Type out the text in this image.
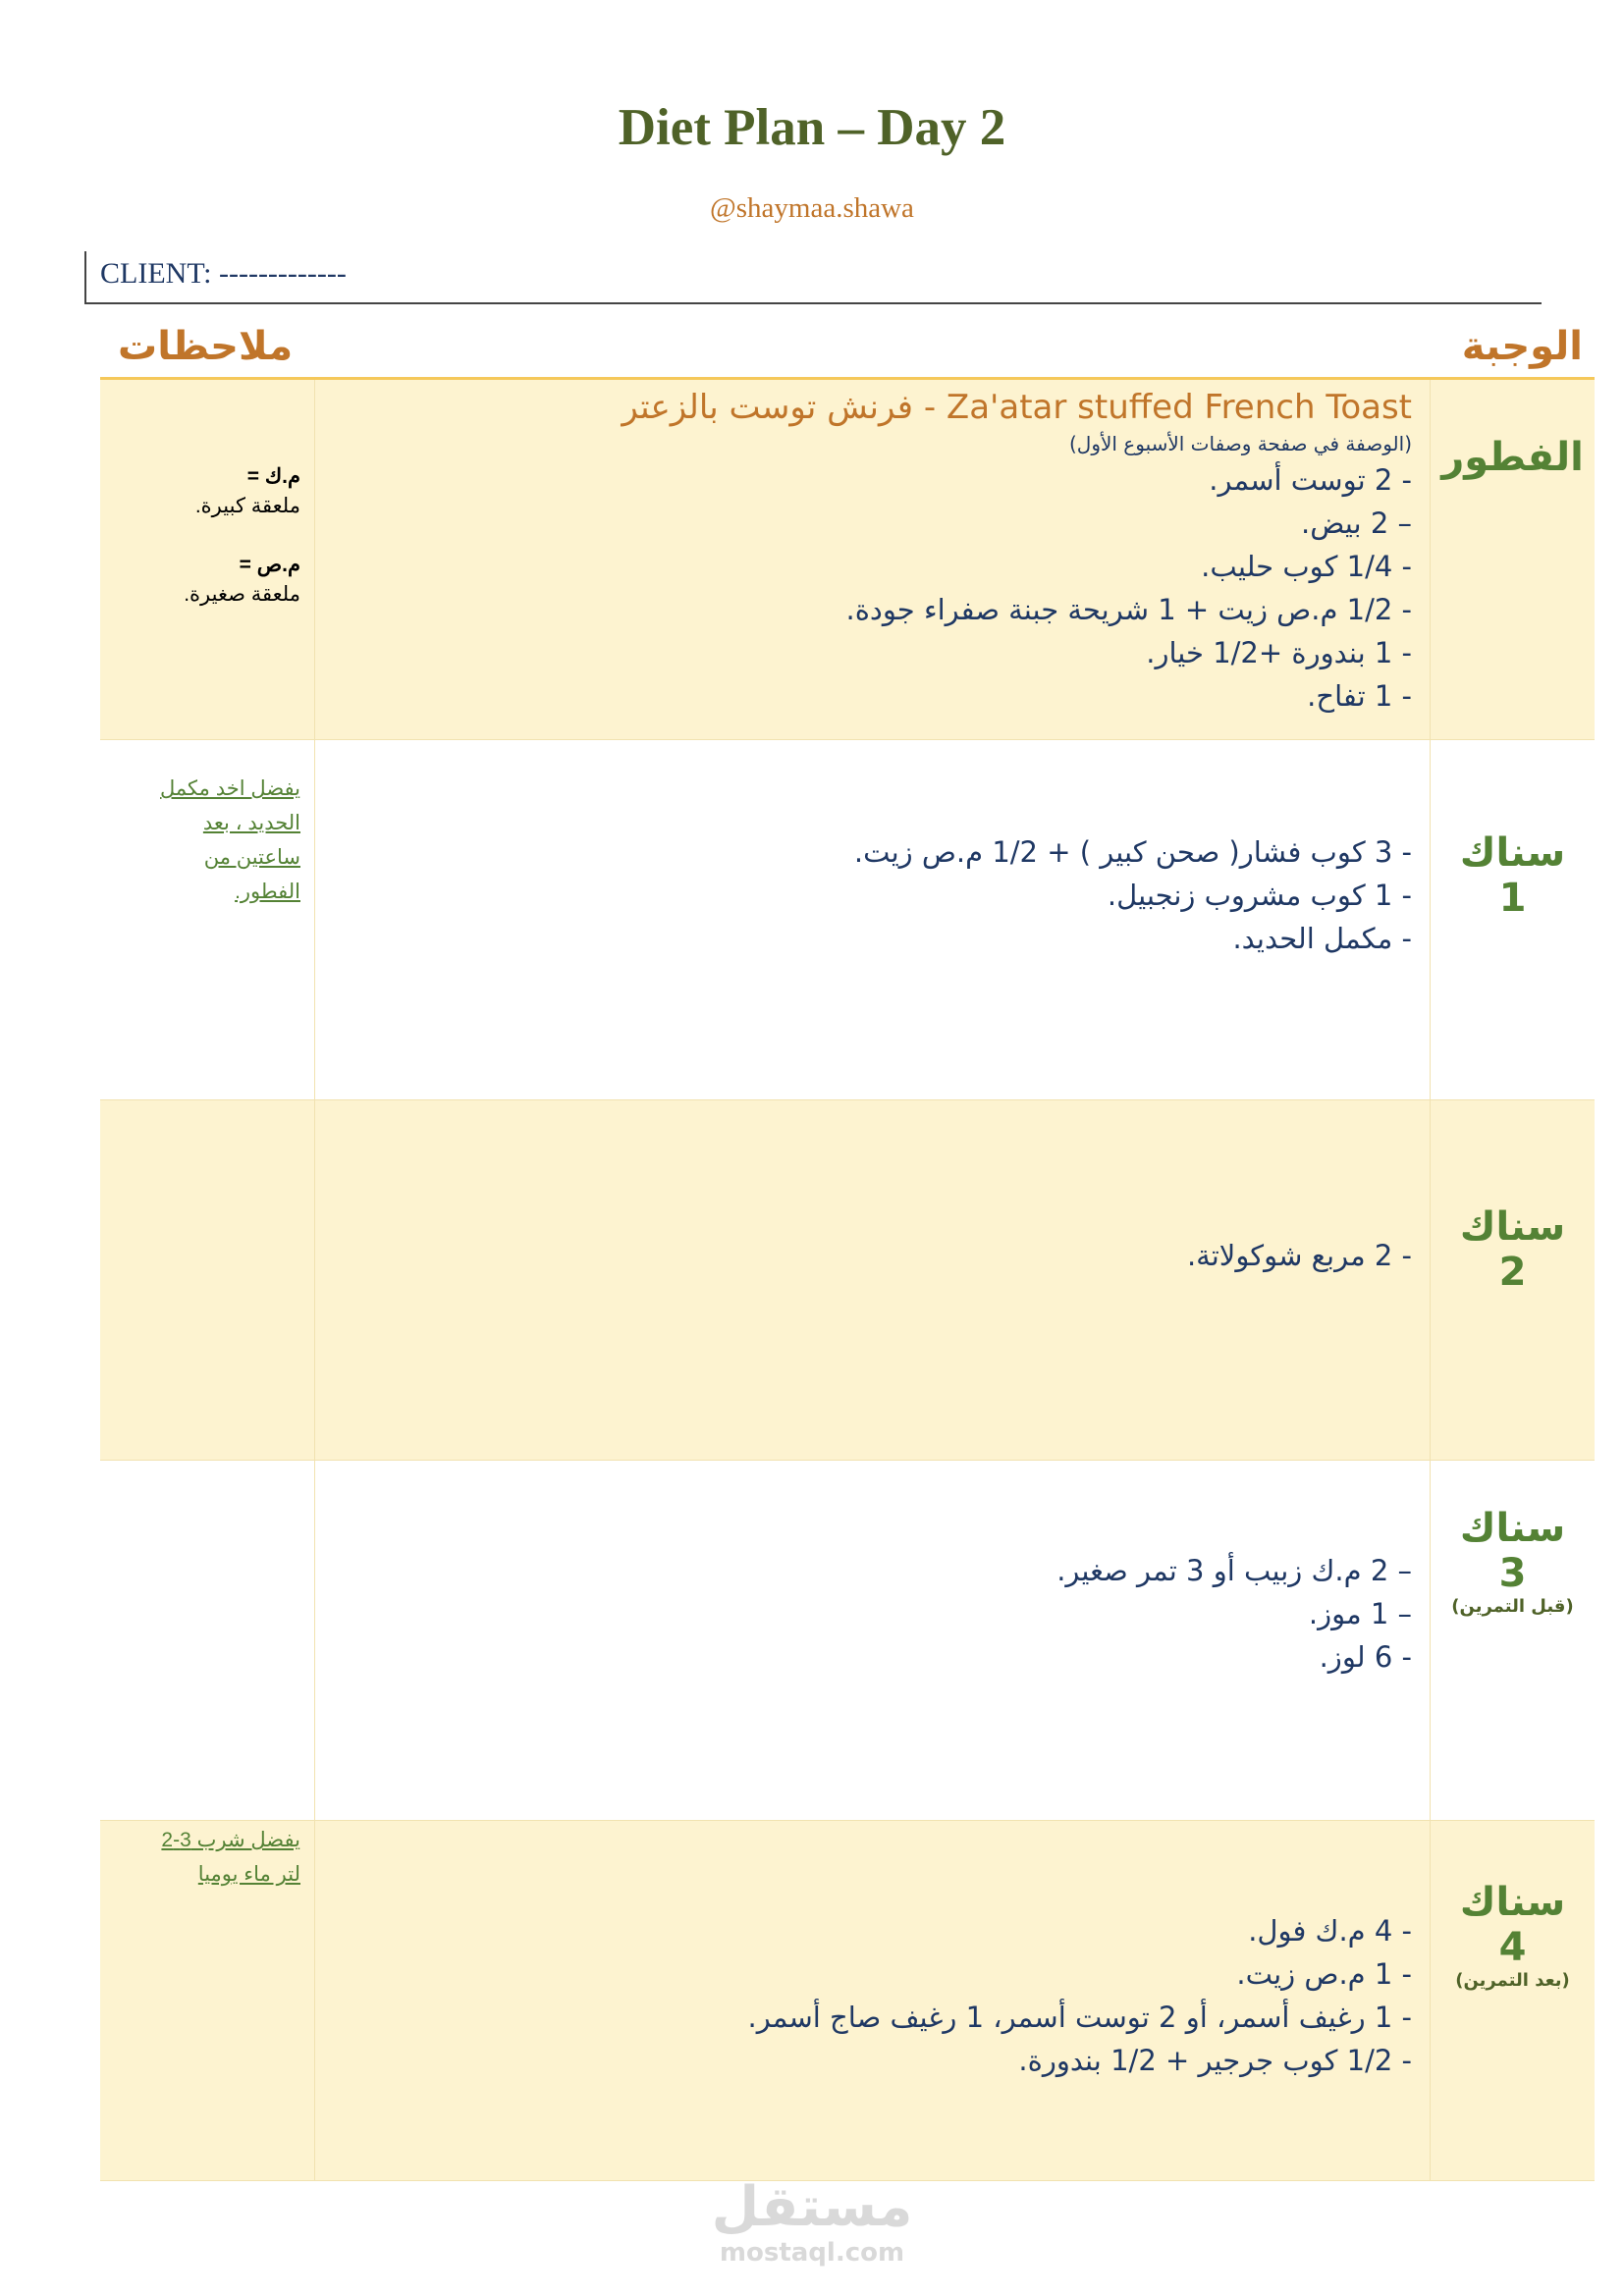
Diet Plan – Day 2
@shaymaa.shawa
CLIENT: -------------
الوجبة
ملاحظات
م.ك =
ملعقة كبيرة.
م.ص =
ملعقة صغيرة.
Za'atar stuffed French Toast - فرنش توست بالزعتر
(الوصفة في صفحة وصفات الأسبوع الأول)
- 2 توست أسمر.
– 2 بيض.
- 1/4 كوب حليب.
- 1/2 م.ص زيت + 1 شريحة جبنة صفراء جودة.
- 1 بندورة +1/2 خيار.
- 1 تفاح.
الفطور
يفضل اخد مكمل
الحديد ، بعد
ساعتين من
الفطور.
- 3 كوب فشار( صحن كبير ) + 1/2 م.ص زيت.
- 1 كوب مشروب زنجبيل.
- مكمل الحديد.
سناك
1
- 2 مربع شوكولاتة.
سناك
2
– 2 م.ك زبيب أو 3 تمر صغير.
– 1 موز.
- 6 لوز.
سناك
3
(قبل التمرين)
يفضل شرب 3-2
لتر ماء يوميا
- 4 م.ك فول.
- 1 م.ص زيت.
- 1 رغيف أسمر، أو 2 توست أسمر، 1 رغيف صاج أسمر.
- 1/2 كوب جرجير + 1/2 بندورة.
سناك
4
(بعد التمرين)
مستقل
mostaql.com
